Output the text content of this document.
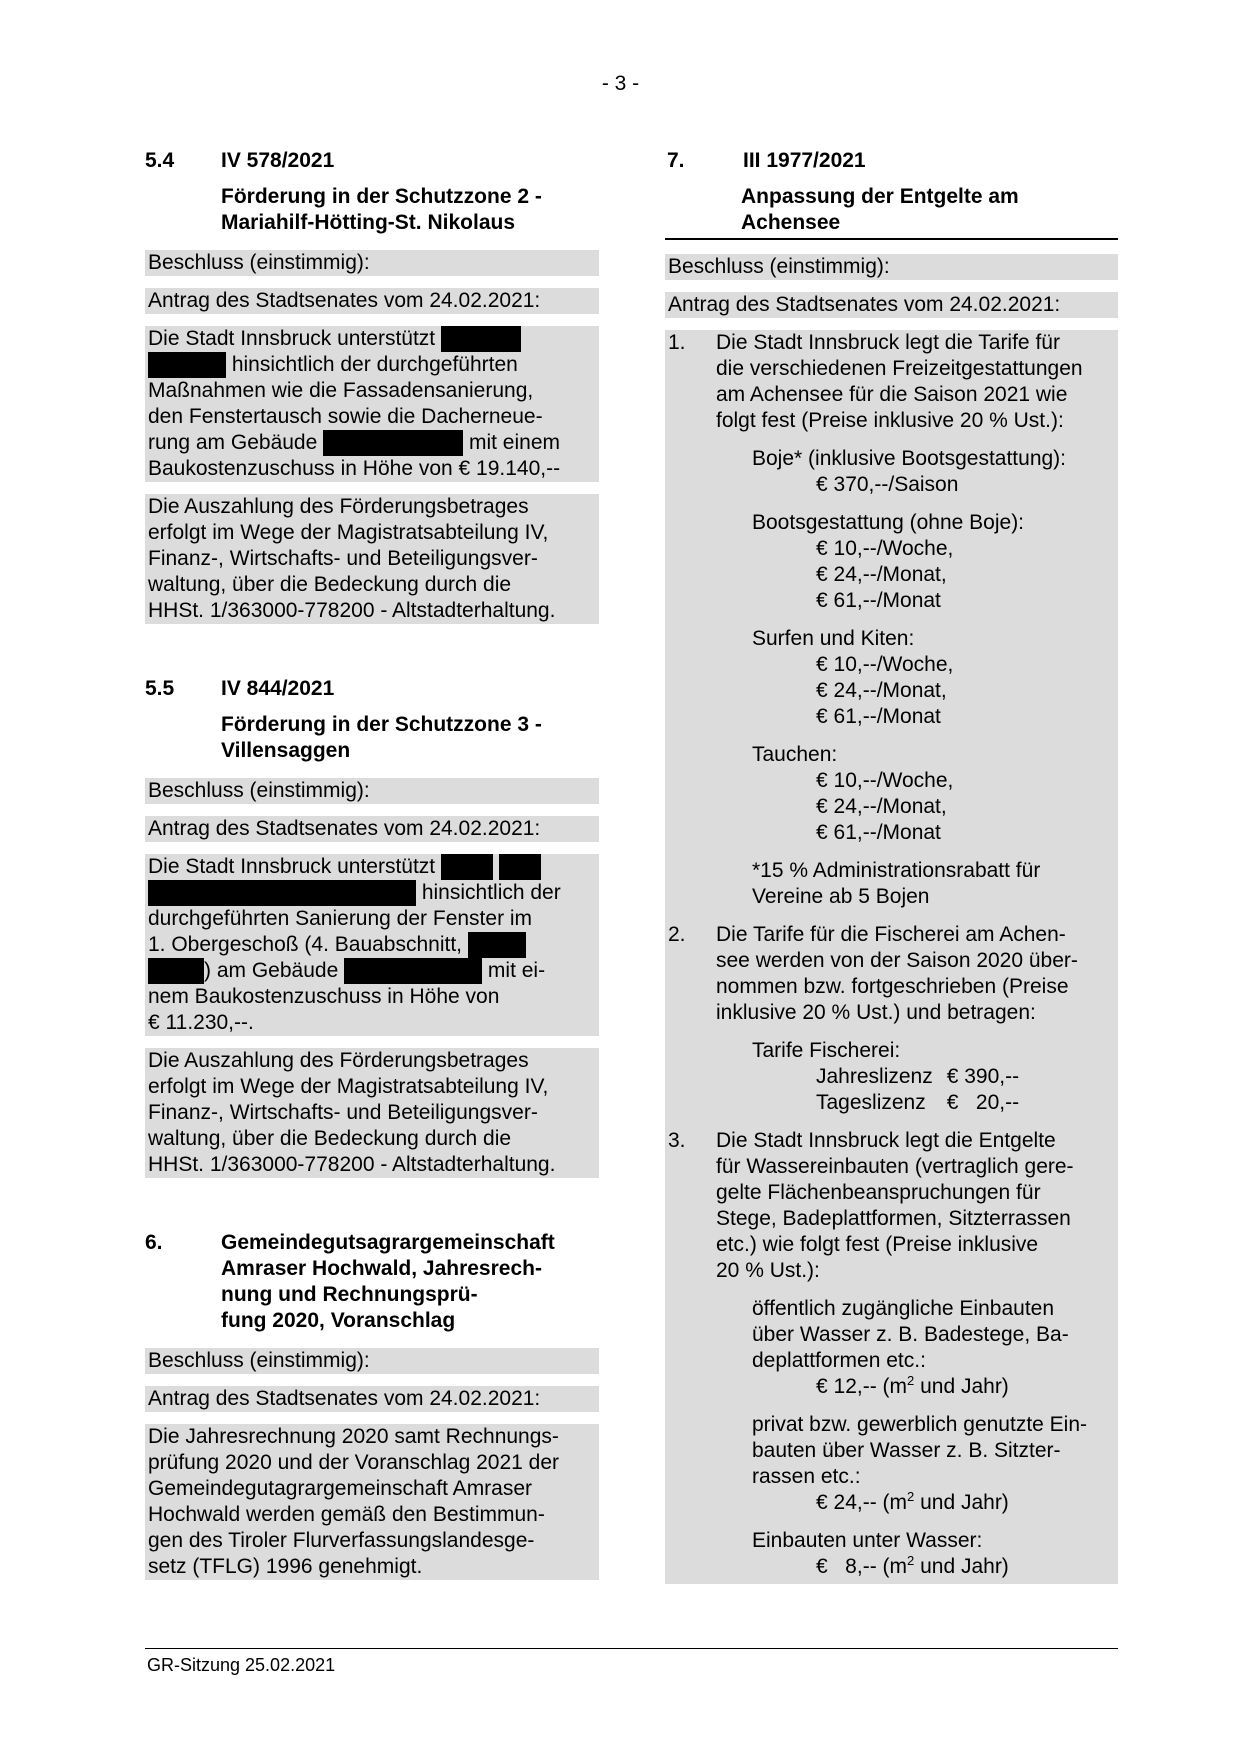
- 3 -
5.4	IV 578/2021
Förderung in der Schutzzone 2 -
Mariahilf-Hötting-St. Nikolaus
Beschluss (einstimmig):
Antrag des Stadtsenates vom 24.02.2021:
Die Stadt Innsbruck unterstützt
hinsichtlich der durchgeführten
Maßnahmen wie die Fassadensanierung,
den Fenstertausch sowie die Dacherneue-
rung am Gebäude	mit einem
Baukostenzuschuss in Höhe von € 19.140,--
Die Auszahlung des Förderungsbetrages
erfolgt im Wege der Magistratsabteilung IV,
Finanz-, Wirtschafts- und Beteiligungsver-
waltung, über die Bedeckung durch die
HHSt. 1/363000-778200 - Altstadterhaltung.
5.5	IV 844/2021
Förderung in der Schutzzone 3 -
Villensaggen
Beschluss (einstimmig):
Antrag des Stadtsenates vom 24.02.2021:
Die Stadt Innsbruck unterstützt
hinsichtlich der
durchgeführten Sanierung der Fenster im
1. Obergeschoß (4. Bauabschnitt,
) am Gebäude	mit ei-
nem Baukostenzuschuss in Höhe von
€ 11.230,--.
Die Auszahlung des Förderungsbetrages
erfolgt im Wege der Magistratsabteilung IV,
Finanz-, Wirtschafts- und Beteiligungsver-
waltung, über die Bedeckung durch die
HHSt. 1/363000-778200 - Altstadterhaltung.
6.	Gemeindegutsagrargemeinschaft
Amraser Hochwald, Jahresrech-
nung und Rechnungsprü-
fung 2020, Voranschlag
Beschluss (einstimmig):
Antrag des Stadtsenates vom 24.02.2021:
Die Jahresrechnung 2020 samt Rechnungs-
prüfung 2020 und der Voranschlag 2021 der
Gemeindegutagrargemeinschaft Amraser
Hochwald werden gemäß den Bestimmun-
gen des Tiroler Flurverfassungslandesge-
setz (TFLG) 1996 genehmigt.
7.	III 1977/2021
Anpassung der Entgelte am
Achensee
Beschluss (einstimmig):
Antrag des Stadtsenates vom 24.02.2021:
1.	Die Stadt Innsbruck legt die Tarife für
die verschiedenen Freizeitgestattungen
am Achensee für die Saison 2021 wie
folgt fest (Preise inklusive 20 % Ust.):
Boje* (inklusive Bootsgestattung):
€ 370,--/Saison
Bootsgestattung (ohne Boje):
€ 10,--/Woche,
€ 24,--/Monat,
€ 61,--/Monat
Surfen und Kiten:
€ 10,--/Woche,
€ 24,--/Monat,
€ 61,--/Monat
Tauchen:
€ 10,--/Woche,
€ 24,--/Monat,
€ 61,--/Monat
*15 % Administrationsrabatt für
Vereine ab 5 Bojen
2.	Die Tarife für die Fischerei am Achen-
see werden von der Saison 2020 über-
nommen bzw. fortgeschrieben (Preise
inklusive 20 % Ust.) und betragen:
Tarife Fischerei:
Jahreslizenz	€ 390,--
Tageslizenz	€   20,--
3.	Die Stadt Innsbruck legt die Entgelte
für Wassereinbauten (vertraglich gere-
gelte Flächenbeanspruchungen für
Stege, Badeplattformen, Sitzterrassen
etc.) wie folgt fest (Preise inklusive
20 % Ust.):
öffentlich zugängliche Einbauten
über Wasser z. B. Badestege, Ba-
deplattformen etc.:
€ 12,-- ($m^2$ und Jahr)
privat bzw. gewerblich genutzte Ein-
bauten über Wasser z. B. Sitzter-
rassen etc.:
€ 24,-- ($m^2$ und Jahr)
Einbauten unter Wasser:
€   8,-- ($m^2$ und Jahr)
GR-Sitzung 25.02.2021
